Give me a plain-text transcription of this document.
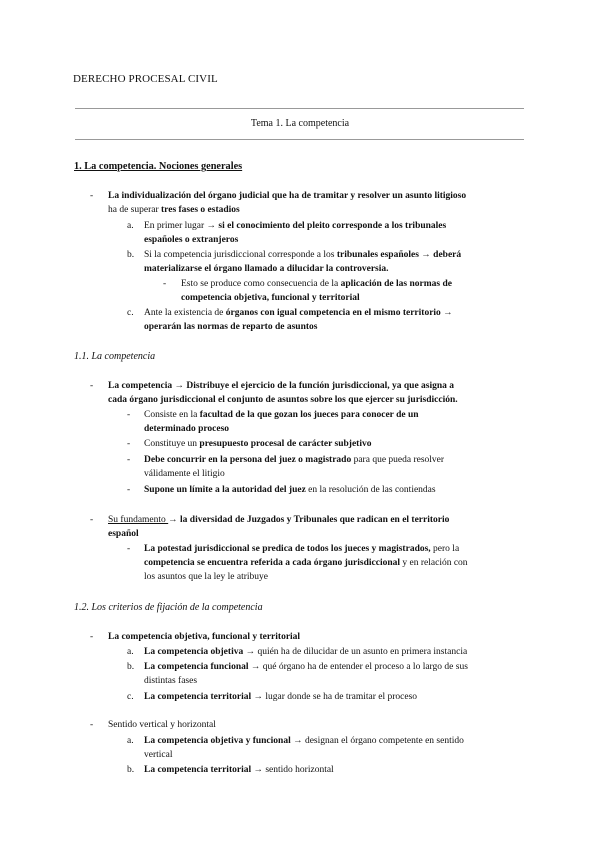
DERECHO PROCESAL CIVIL
Tema 1. La competencia
1. La competencia. Nociones generales
- La individualización del órgano judicial que ha de tramitar y resolver un asunto litigioso
ha de superar tres fases o estadios
a. En primer lugar → si el conocimiento del pleito corresponde a los tribunales
españoles o extranjeros
b. Si la competencia jurisdiccional corresponde a los tribunales españoles → deberá
materializarse el órgano llamado a dilucidar la controversia.
- Esto se produce como consecuencia de la aplicación de las normas de
competencia objetiva, funcional y territorial
c. Ante la existencia de órganos con igual competencia en el mismo territorio →
operarán las normas de reparto de asuntos
1.1. La competencia
- La competencia → Distribuye el ejercicio de la función jurisdiccional, ya que asigna a
cada órgano jurisdiccional el conjunto de asuntos sobre los que ejercer su jurisdicción.
- Consiste en la facultad de la que gozan los jueces para conocer de un
determinado proceso
- Constituye un presupuesto procesal de carácter subjetivo
- Debe concurrir en la persona del juez o magistrado para que pueda resolver
válidamente el litigio
- Supone un límite a la autoridad del juez en la resolución de las contiendas
- Su fundamento → la diversidad de Juzgados y Tribunales que radican en el territorio
español
- La potestad jurisdiccional se predica de todos los jueces y magistrados, pero la
competencia se encuentra referida a cada órgano jurisdiccional y en relación con
los asuntos que la ley le atribuye
1.2. Los criterios de fijación de la competencia
- La competencia objetiva, funcional y territorial
a. La competencia objetiva → quién ha de dilucidar de un asunto en primera instancia
b. La competencia funcional → qué órgano ha de entender el proceso a lo largo de sus
distintas fases
c. La competencia territorial → lugar donde se ha de tramitar el proceso
- Sentido vertical y horizontal
a. La competencia objetiva y funcional → designan el órgano competente en sentido
vertical
b. La competencia territorial → sentido horizontal
